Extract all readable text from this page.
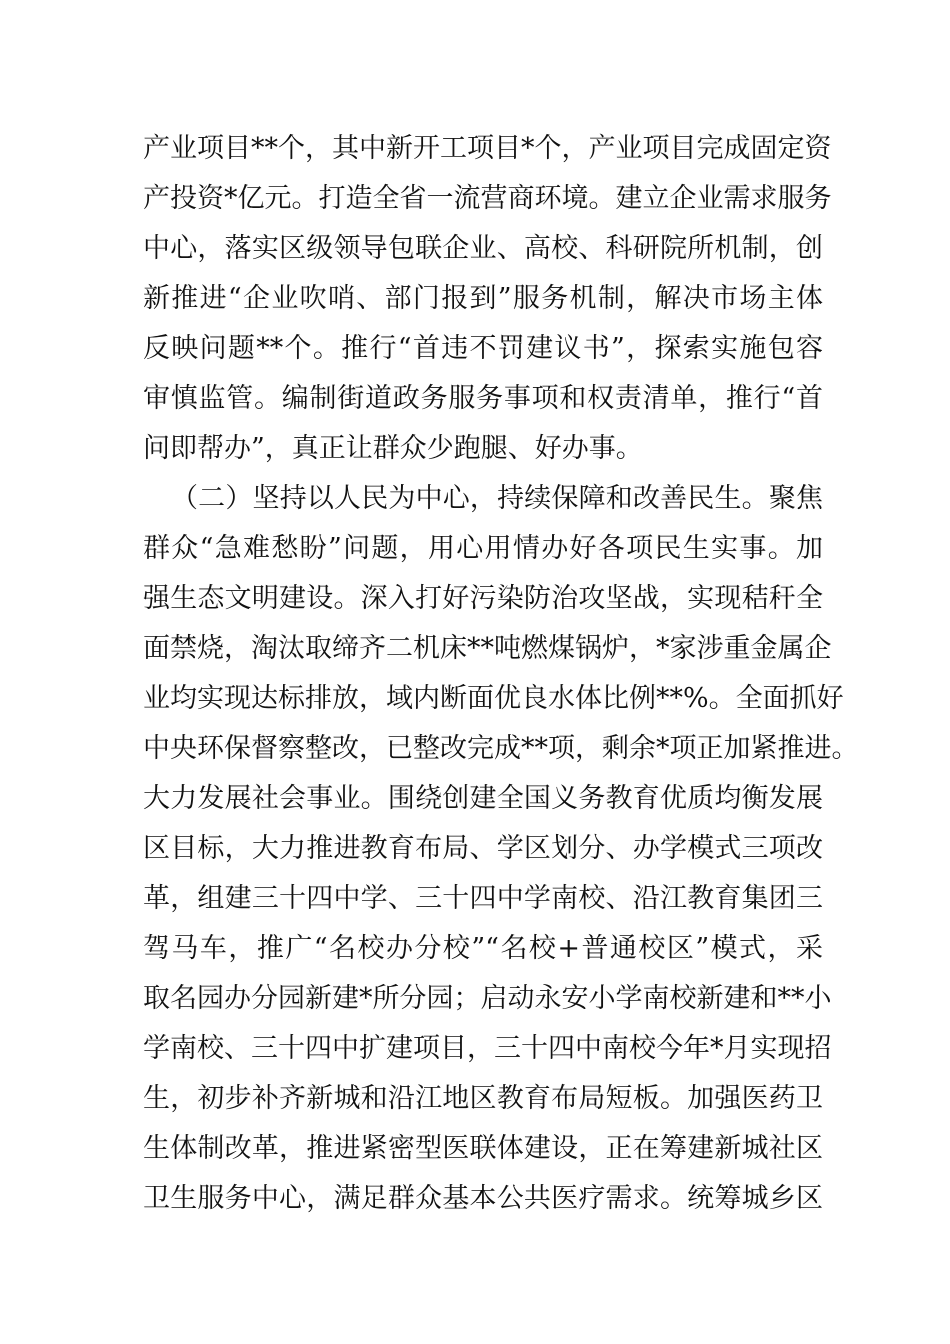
产业项目**个，其中新开工项目*个，产业项目完成固定资
产投资*亿元。打造全省一流营商环境。建立企业需求服务
中心，落实区级领导包联企业、高校、科研院所机制，创
新推进“企业吹哨、部门报到”服务机制，解决市场主体
反映问题**个。推行“首违不罚建议书”，探索实施包容
审慎监管。编制街道政务服务事项和权责清单，推行“首
问即帮办”，真正让群众少跑腿、好办事。
（二）坚持以人民为中心，持续保障和改善民生。聚焦
群众“急难愁盼”问题，用心用情办好各项民生实事。加
强生态文明建设。深入打好污染防治攻坚战，实现秸秆全
面禁烧，淘汰取缔齐二机床**吨燃煤锅炉，*家涉重金属企
业均实现达标排放，域内断面优良水体比例**%。全面抓好
中央环保督察整改，已整改完成**项，剩余*项正加紧推进。
大力发展社会事业。围绕创建全国义务教育优质均衡发展
区目标，大力推进教育布局、学区划分、办学模式三项改
革，组建三十四中学、三十四中学南校、沿江教育集团三
驾马车，推广“名校办分校”“名校+普通校区”模式，采
取名园办分园新建*所分园；启动永安小学南校新建和**小
学南校、三十四中扩建项目，三十四中南校今年*月实现招
生，初步补齐新城和沿江地区教育布局短板。加强医药卫
生体制改革，推进紧密型医联体建设，正在筹建新城社区
卫生服务中心，满足群众基本公共医疗需求。统筹城乡区
